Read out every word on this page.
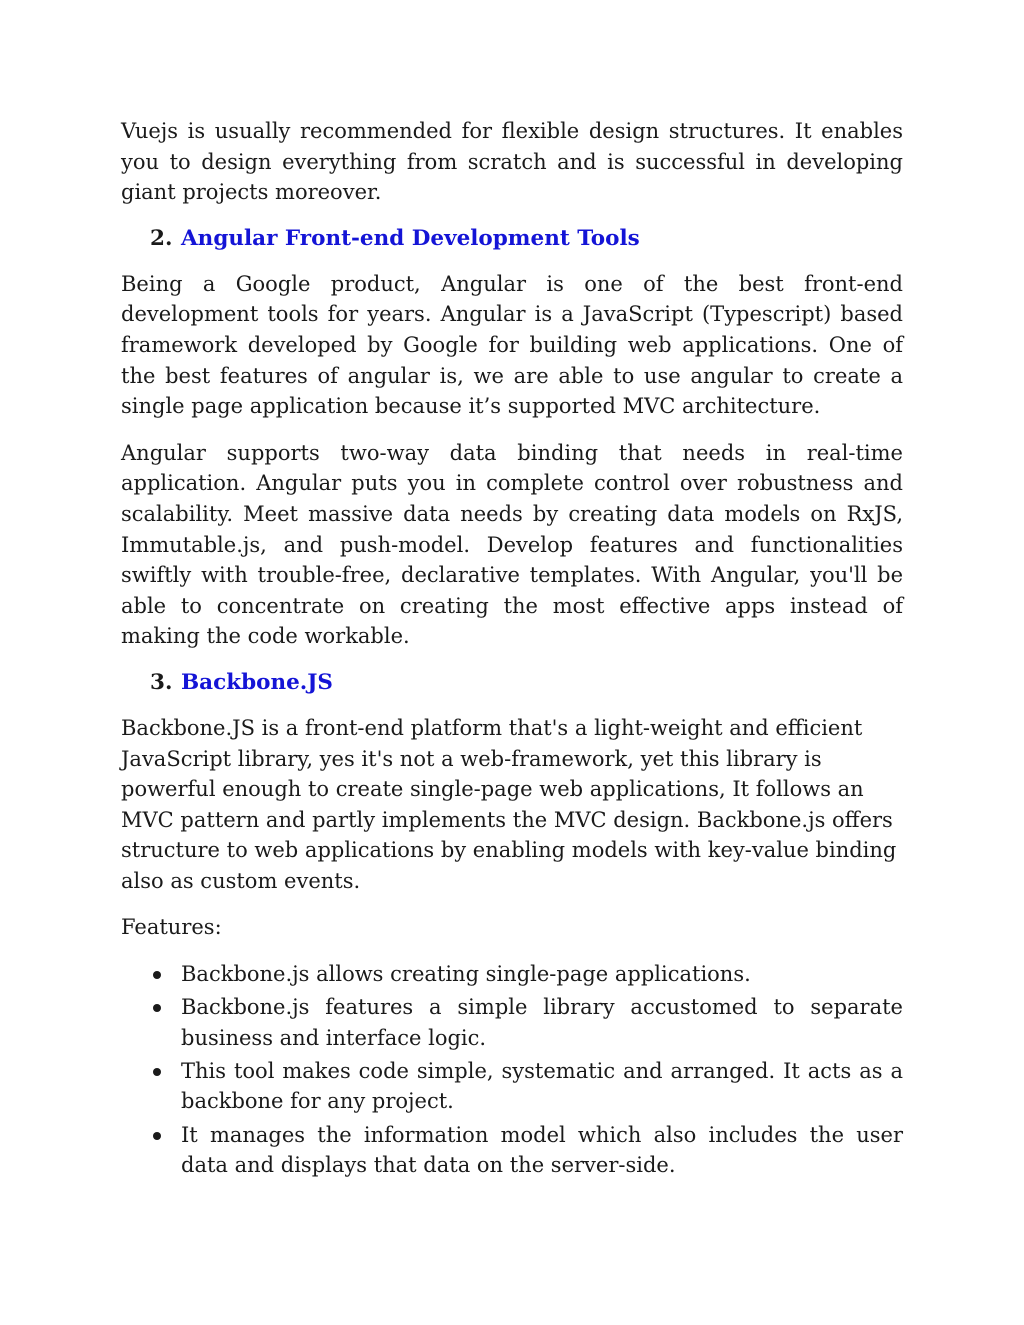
Vuejs is usually recommended for flexible design structures. It enables you to design everything from scratch and is successful in developing giant projects moreover.

2. Angular Front-end Development Tools

Being a Google product, Angular is one of the best front-end development tools for years. Angular is a JavaScript (Typescript) based framework developed by Google for building web applications. One of the best features of angular is, we are able to use angular to create a single page application because it’s supported MVC architecture.

Angular supports two-way data binding that needs in real-time application. Angular puts you in complete control over robustness and scalability. Meet massive data needs by creating data models on RxJS, Immutable.js, and push-model. Develop features and functionalities swiftly with trouble-free, declarative templates. With Angular, you'll be able to concentrate on creating the most effective apps instead of making the code workable.

3. Backbone.JS

Backbone.JS is a front-end platform that's a light-weight and efficient JavaScript library, yes it's not a web-framework, yet this library is powerful enough to create single-page web applications, It follows an MVC pattern and partly implements the MVC design. Backbone.js offers structure to web applications by enabling models with key-value binding also as custom events.

Features:

Backbone.js allows creating single-page applications.
Backbone.js features a simple library accustomed to separate business and interface logic.
This tool makes code simple, systematic and arranged. It acts as a backbone for any project.
It manages the information model which also includes the user data and displays that data on the server-side.
